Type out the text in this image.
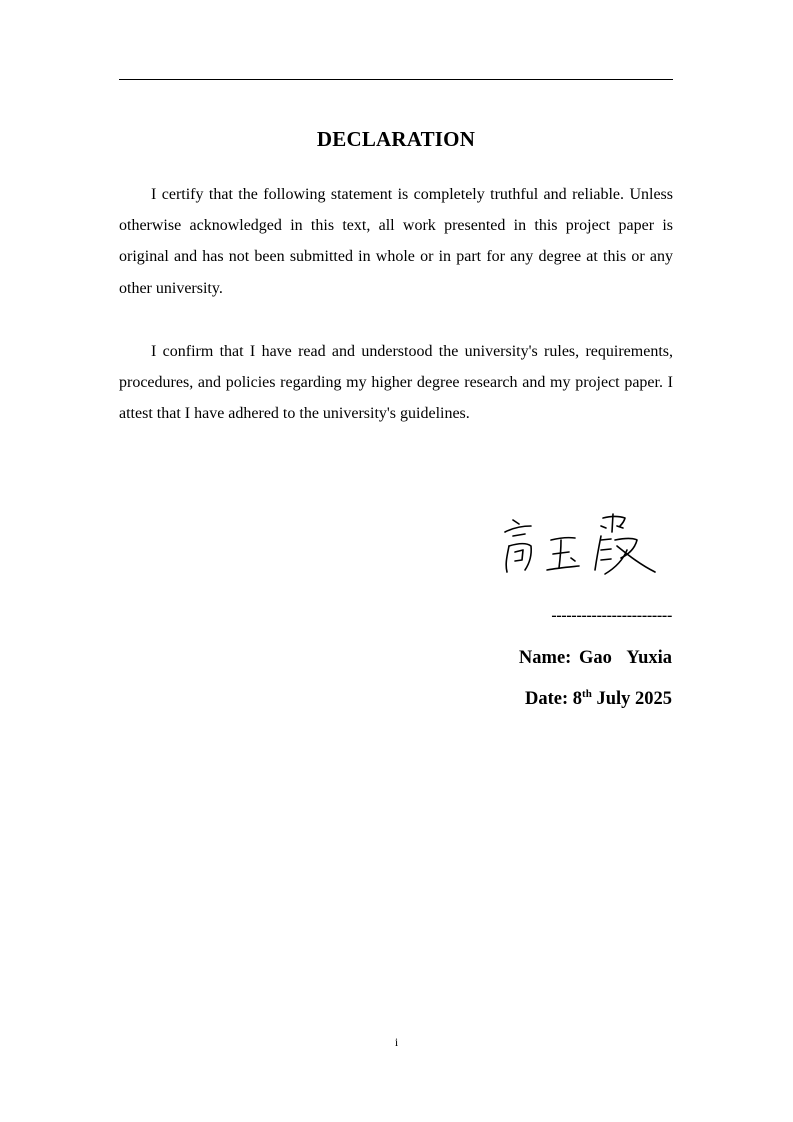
DECLARATION

I certify that the following statement is completely truthful and reliable. Unless otherwise acknowledged in this text, all work presented in this project paper is original and has not been submitted in whole or in part for any degree at this or any other university.

I confirm that I have read and understood the university's rules, requirements, procedures, and policies regarding my higher degree research and my project paper. I attest that I have adhered to the university's guidelines.

------------------------

Name: Gao  Yuxia

Date: 8th July 2025

i
